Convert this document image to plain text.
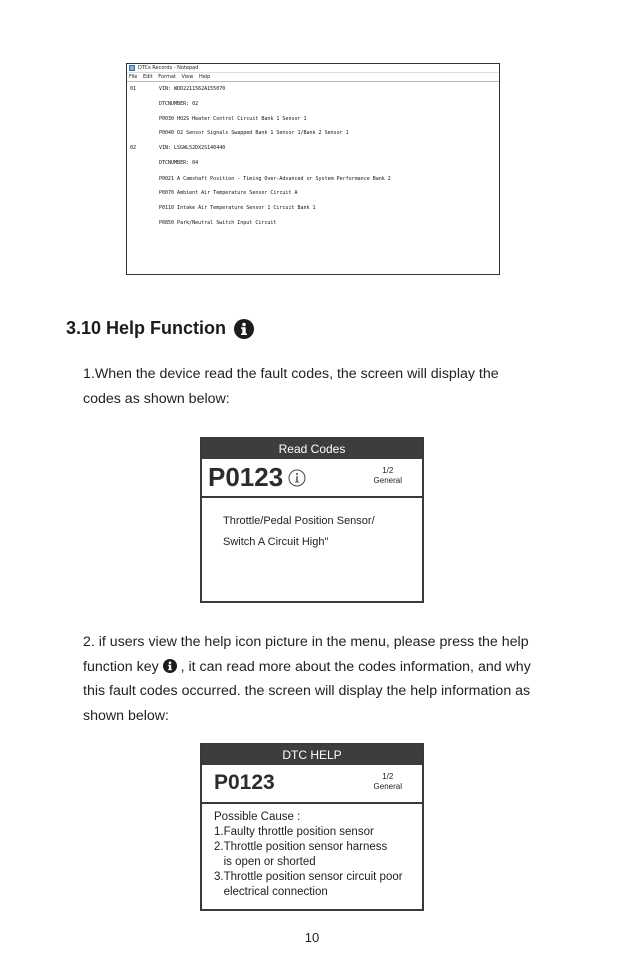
DTCs Records - Notepad
File Edit Format View Help
01	VIN: WDD2211562A155070
DTCNUMBER: 02
P0030 HO2S Heater Control Circuit Bank 1 Sensor 1
P0040 O2 Sensor Signals Swapped Bank 1 Sensor 1/Bank 2 Sensor 1
02	VIN: LSGWL52DX2S140440
DTCNUMBER: 04
P0021 A Camshaft Position - Timing Over-Advanced or System Performance Bank 2
P0070 Ambient Air Temperature Sensor Circuit A
P0110 Intake Air Temperature Sensor 1 Circuit Bank 1
P0850 Park/Neutral Switch Input Circuit
3.10 Help Function
1.When the device read the fault codes, the screen will display the
codes as shown below:
Read Codes
P0123	1/2
General
Throttle/Pedal Position Sensor/
Switch A Circuit High"
2. if users view the help icon picture in the menu, please press the help
function key , it can read more about the codes information, and why
this fault codes occurred. the screen will display the help information as
shown below:
DTC HELP
P0123	1/2
General
Possible Cause :
1.Faulty throttle position sensor
2.Throttle position sensor harness
is open or shorted
3.Throttle position sensor circuit poor
electrical connection
10
